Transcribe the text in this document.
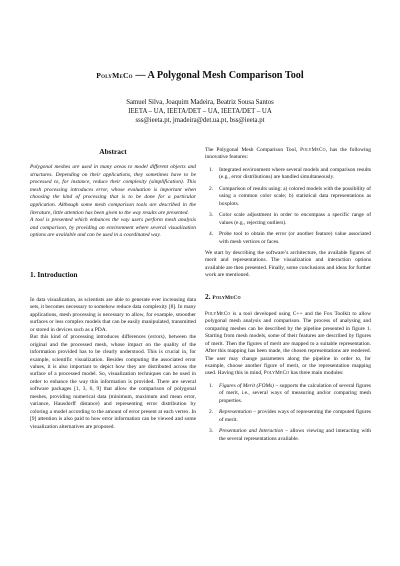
PolyMeCo — A Polygonal Mesh Comparison Tool
Samuel Silva, Joaquim Madeira, Beatriz Sousa Santos
IEETA – UA, IEETA/DET – UA, IEETA/DET – UA
sss@ieeta.pt, jmadeira@det.ua.pt, bss@ieeta.pt
Abstract

Polygonal meshes are used in many areas to model different objects and structures. Depending on their applications, they sometimes have to be processed to, for instance, reduce their complexity (simplification). This mesh processing introduces error, whose evaluation is important when choosing the kind of processing that is to be done for a particular application. Although some mesh comparison tools are described in the literature, little attention has been given to the way results are presented.
A tool is presented which enhances the way users perform mesh analysis and comparison, by providing an environment where several visualization options are available and can be used in a coordinated way.

1. Introduction

In data visualization, as scientists are able to generate ever increasing data sets, it becomes necessary to somehow reduce data complexity [8]. In many applications, mesh processing is necessary to allow, for example, smoother surfaces or less complex models that can be easily manipulated, transmitted or stored in devices such as a PDA.

But this kind of processing introduces differences (errors), between the original and the processed mesh, whose impact on the quality of the information provided has to be clearly understood. This is crucial in, for example, scientific visualization. Besides computing the associated error values, it is also important to depict how they are distributed across the surface of a processed model. So, visualization techniques can be used in order to enhance the way this information is provided. There are several software packages [1, 3, 6, 9] that allow the comparison of polygonal meshes, providing numerical data (minimum, maximum and mean error, variance, Hausdorff distance) and representing error distribution by coloring a model according to the amount of error present at each vertex. In [9] attention is also paid to how error information can be viewed and some visualization alternatives are proposed.

The Polygonal Mesh Comparison Tool, PolyMeCo, has the following innovative features:

1. Integrated environment where several models and comparison results (e.g., error distributions) are handled simultaneously.
2. Comparison of results using: a) colored models with the possibility of using a common color scale; b) statistical data representations as boxplots.
3. Color scale adjustment in order to encompass a specific range of values (e.g., rejecting outliers).
4. Probe tool to obtain the error (or another feature) value associated with mesh vertices or faces.

We start by describing the software’s architecture, the available figures of merit and representations. The visualization and interaction options available are then presented. Finally, some conclusions and ideas for further work are mentioned.

2. PolyMeCo

PolyMeCo is a tool developed using C++ and the Fox Toolkit to allow polygonal mesh analysis and comparison. The process of analysing and comparing meshes can be described by the pipeline presented in figure 1. Starting from mesh models, some of their features are described by figures of merit. Then the figures of merit are mapped to a suitable representation. After this mapping has been made, the chosen representations are rendered. The user may change parameters along the pipeline in order to, for example, choose another figure of merit, or the representation mapping used. Having this in mind, PolyMeCo has three main modules:

1. Figures of Merit (FOMs) – supports the calculation of several figures of merit, i.e., several ways of measuring and/or comparing mesh properties.
2. Representation – provides ways of representing the computed figures of merit.
3. Presentation and Interaction – allows viewing and interacting with the several representations available.
